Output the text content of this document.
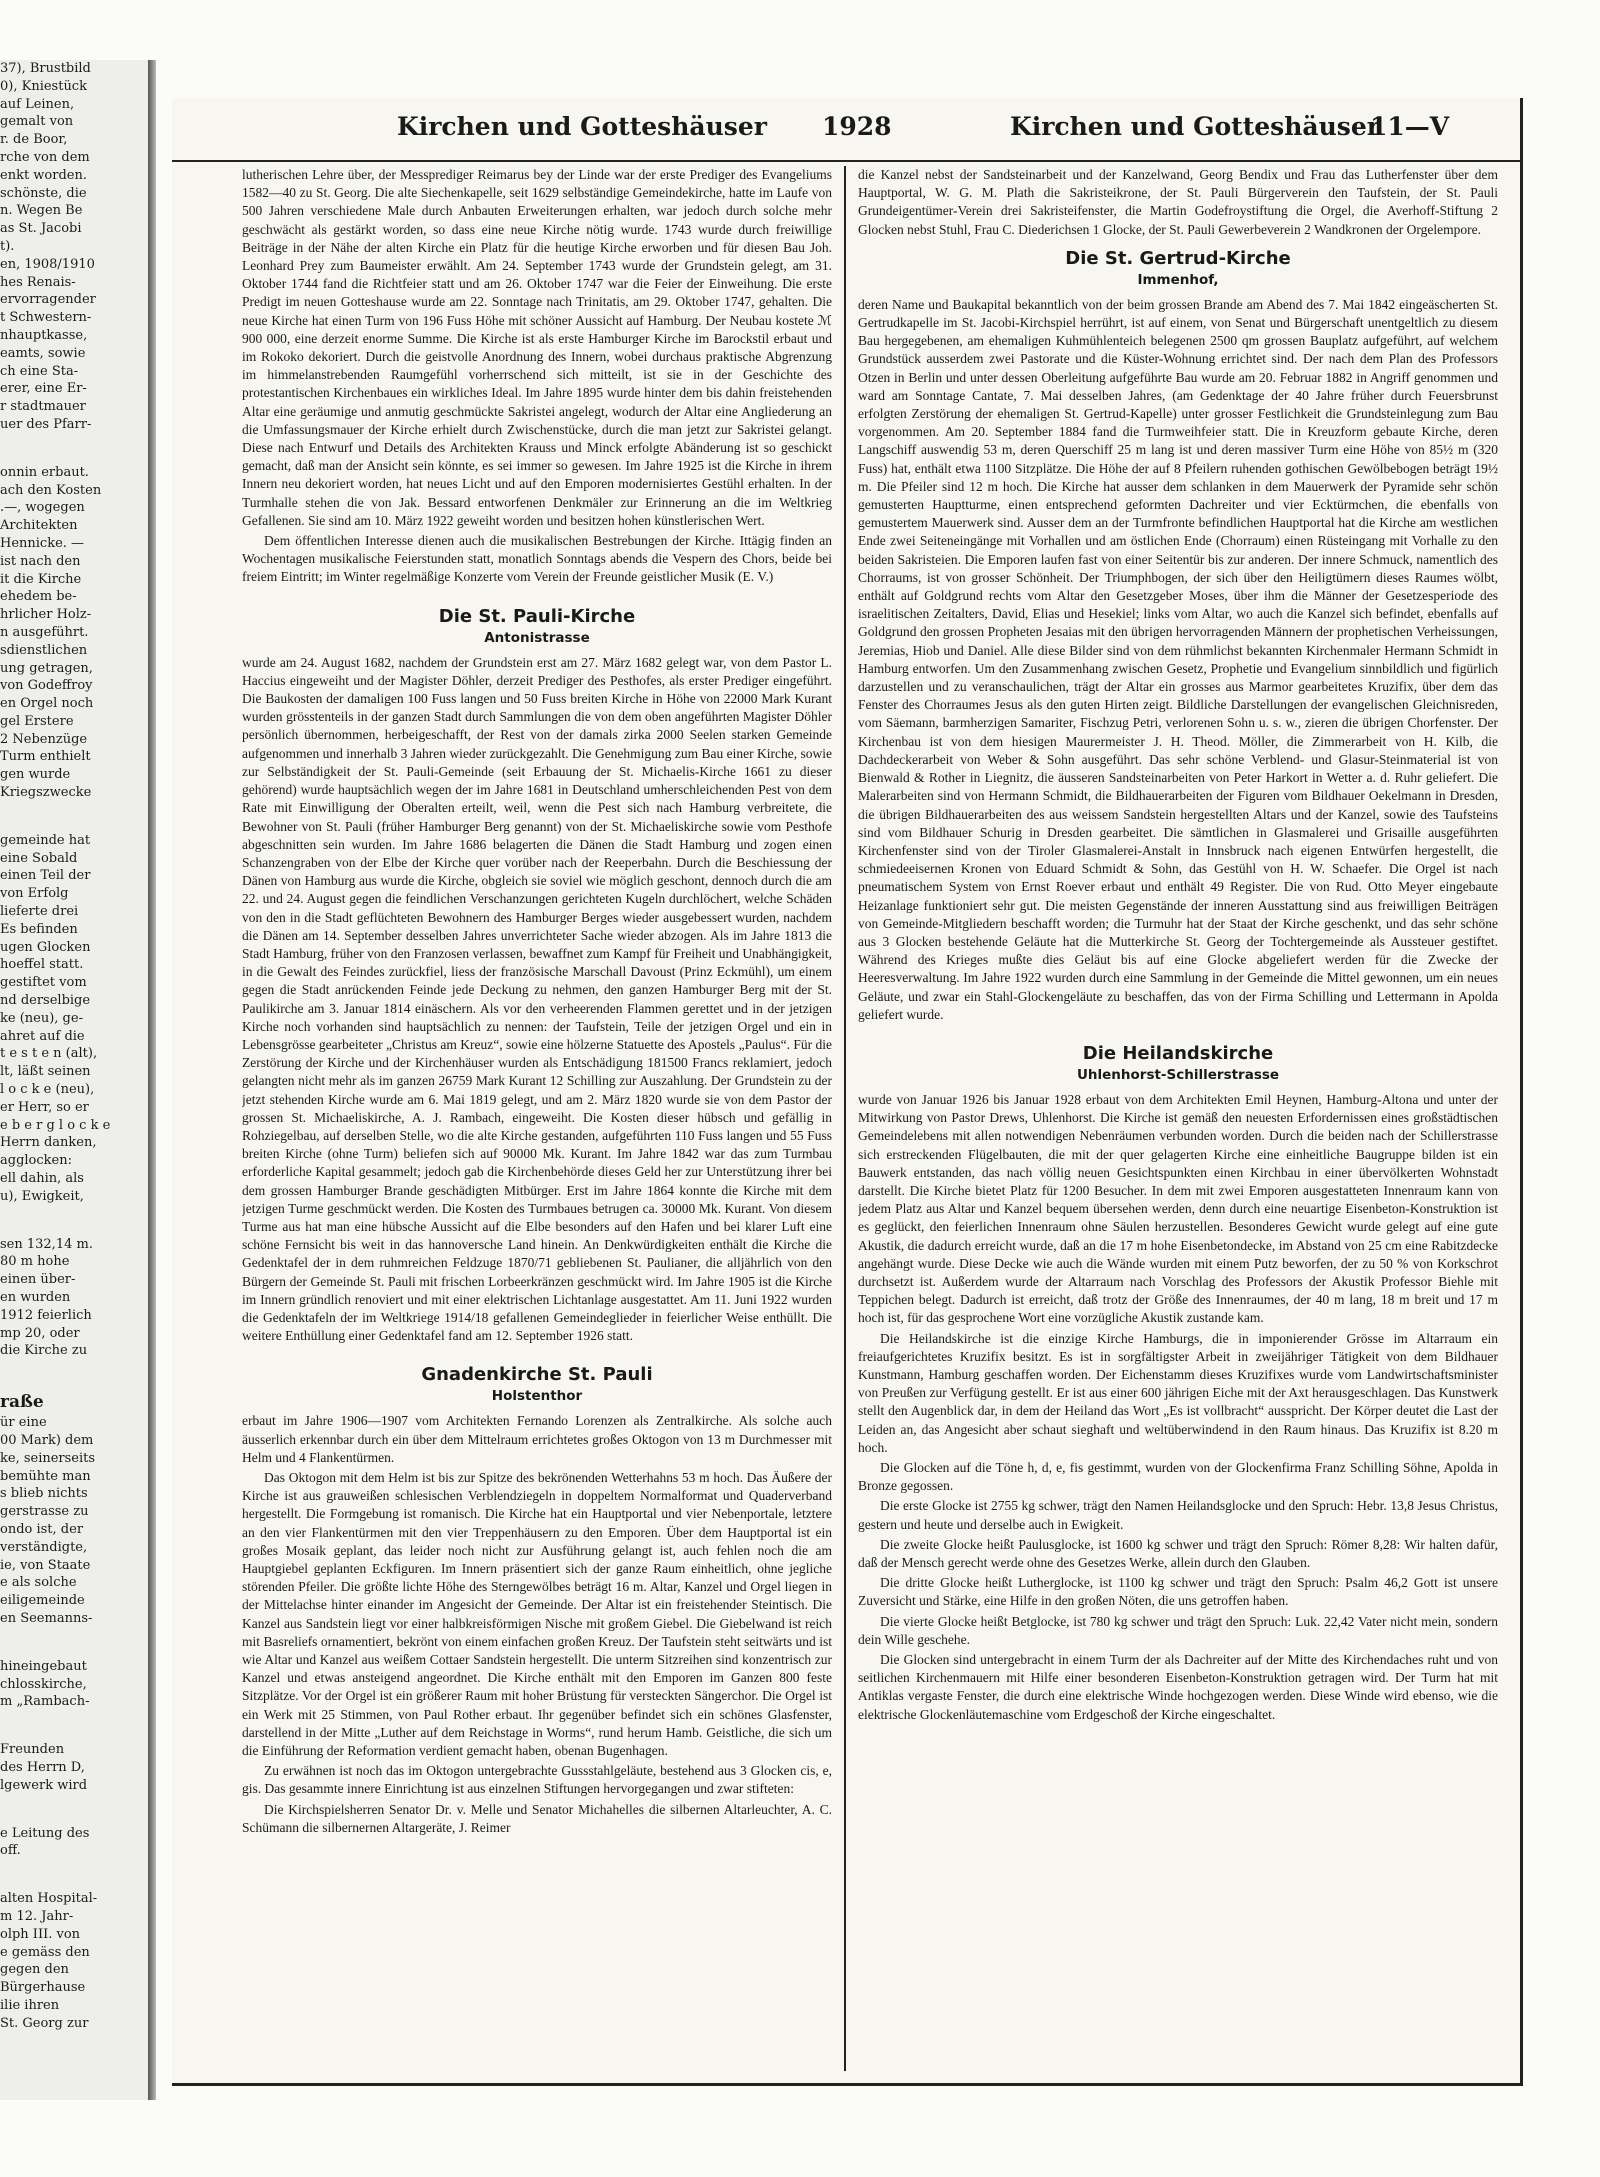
37), Brustbild
0), Kniestück
auf Leinen,
gemalt von
r. de Boor,
rche von dem
enkt worden.
schönste, die
n. Wegen Be
as St. Jacobi
t).
en, 1908/1910
hes Renais-
ervorragender
t Schwestern-
nhauptkasse,
eamts, sowie
ch eine Sta-
erer, eine Er-
r stadtmauer
uer des Pfarr-
onnin erbaut.
ach den Kosten
.—, wogegen
Architekten
Hennicke. —
ist nach den
it die Kirche
ehedem be-
hrlicher Holz-
n ausgeführt.
sdienstlichen
ung getragen,
von Godeffroy
en Orgel noch
gel Erstere
2 Nebenzüge
Turm enthielt
gen wurde
Kriegszwecke
gemeinde hat
eine Sobald
einen Teil der
von Erfolg
lieferte drei
Es befinden
ugen Glocken
hoeffel statt.
gestiftet vom
nd derselbige
ke (neu), ge-
ahret auf die
t e s t e n (alt),
lt, läßt seinen
l o c k e (neu),
er Herr, so er
e b e r g l o c k e
Herrn danken,
agglocken:
ell dahin, als
u), Ewigkeit,
sen 132,14 m.
80 m hohe
einen über-
en wurden
1912 feierlich
mp 20, oder
die Kirche zu
raße
ür eine
00 Mark) dem
ke, seinerseits
bemühte man
s blieb nichts
gerstrasse zu
ondo ist, der
verständigte,
ie, von Staate
e als solche
eiligemeinde
en Seemanns-
hineingebaut
chlosskirche,
m „Rambach-
Freunden
des Herrn D,
lgewerk wird
e Leitung des
off.
alten Hospital-
m 12. Jahr-
olph III. von
e gemäss den
gegen den
Bürgerhause
ilie ihren
St. Georg zur
Kirchen und Gotteshäuser 1928	Kirchen und Gotteshäuser
11—V

lutherischen Lehre über, der Messprediger Reimarus bey der Linde war der erste Prediger des Evangeliums 1582—40 zu St. Georg. Die alte Siechenkapelle, seit 1629 selbständige Gemeindekirche, hatte im Laufe von 500 Jahren verschiedene Male durch Anbauten Erweiterungen erhalten, war jedoch durch solche mehr geschwächt als gestärkt worden, so dass eine neue Kirche nötig wurde. 1743 wurde durch freiwillige Beiträge in der Nähe der alten Kirche ein Platz für die heutige Kirche erworben und für diesen Bau Joh. Leonhard Prey zum Baumeister erwählt. Am 24. September 1743 wurde der Grundstein gelegt, am 31. Oktober 1744 fand die Richtfeier statt und am 26. Oktober 1747 war die Feier der Einweihung. Die erste Predigt im neuen Gotteshause wurde am 22. Sonntage nach Trinitatis, am 29. Oktober 1747, gehalten. Die neue Kirche hat einen Turm von 196 Fuss Höhe mit schöner Aussicht auf Hamburg. Der Neubau kostete ℳ 900 000, eine derzeit enorme Summe. Die Kirche ist als erste Hamburger Kirche im Barockstil erbaut und im Rokoko dekoriert. Durch die geistvolle Anordnung des Innern, wobei durchaus praktische Abgrenzung im himmelanstrebenden Raumgefühl vorherrschend sich mitteilt, ist sie in der Geschichte des protestantischen Kirchenbaues ein wirkliches Ideal. Im Jahre 1895 wurde hinter dem bis dahin freistehenden Altar eine geräumige und anmutig geschmückte Sakristei angelegt, wodurch der Altar eine Angliederung an die Umfassungsmauer der Kirche erhielt durch Zwischenstücke, durch die man jetzt zur Sakristei gelangt. Diese nach Entwurf und Details des Architekten Krauss und Minck erfolgte Abänderung ist so geschickt gemacht, daß man der Ansicht sein könnte, es sei immer so gewesen. Im Jahre 1925 ist die Kirche in ihrem Innern neu dekoriert worden, hat neues Licht und auf den Emporen modernisiertes Gestühl erhalten. In der Turmhalle stehen die von Jak. Bessard entworfenen Denkmäler zur Erinnerung an die im Weltkrieg Gefallenen. Sie sind am 10. März 1922 geweiht worden und besitzen hohen künstlerischen Wert.

Dem öffentlichen Interesse dienen auch die musikalischen Bestrebungen der Kirche. Ittägig finden an Wochentagen musikalische Feierstunden statt, monatlich Sonntags abends die Vespern des Chors, beide bei freiem Eintritt; im Winter regelmäßige Konzerte vom Verein der Freunde geistlicher Musik (E. V.)

Die St. Pauli-Kirche
Antonistrasse

wurde am 24. August 1682, nachdem der Grundstein erst am 27. März 1682 gelegt war, von dem Pastor L. Haccius eingeweiht und der Magister Döhler, derzeit Prediger des Pesthofes, als erster Prediger eingeführt. Die Baukosten der damaligen 100 Fuss langen und 50 Fuss breiten Kirche in Höhe von 22000 Mark Kurant wurden grösstenteils in der ganzen Stadt durch Sammlungen die von dem oben angeführten Magister Döhler persönlich übernommen, herbeigeschafft, der Rest von der damals zirka 2000 Seelen starken Gemeinde aufgenommen und innerhalb 3 Jahren wieder zurückgezahlt. Die Genehmigung zum Bau einer Kirche, sowie zur Selbständigkeit der St. Pauli-Gemeinde (seit Erbauung der St. Michaelis-Kirche 1661 zu dieser gehörend) wurde hauptsächlich wegen der im Jahre 1681 in Deutschland umherschleichenden Pest von dem Rate mit Einwilligung der Oberalten erteilt, weil, wenn die Pest sich nach Hamburg verbreitete, die Bewohner von St. Pauli (früher Hamburger Berg genannt) von der St. Michaeliskirche sowie vom Pesthofe abgeschnitten sein wurden. Im Jahre 1686 belagerten die Dänen die Stadt Hamburg und zogen einen Schanzengraben von der Elbe der Kirche quer vorüber nach der Reeperbahn. Durch die Beschiessung der Dänen von Hamburg aus wurde die Kirche, obgleich sie soviel wie möglich geschont, dennoch durch die am 22. und 24. August gegen die feindlichen Verschanzungen gerichteten Kugeln durchlöchert, welche Schäden von den in die Stadt geflüchteten Bewohnern des Hamburger Berges wieder ausgebessert wurden, nachdem die Dänen am 14. September desselben Jahres unverrichteter Sache wieder abzogen. Als im Jahre 1813 die Stadt Hamburg, früher von den Franzosen verlassen, bewaffnet zum Kampf für Freiheit und Unabhängigkeit, in die Gewalt des Feindes zurückfiel, liess der französische Marschall Davoust (Prinz Eckmühl), um einem gegen die Stadt anrückenden Feinde jede Deckung zu nehmen, den ganzen Hamburger Berg mit der St. Paulikirche am 3. Januar 1814 einäschern. Als vor den verheerenden Flammen gerettet und in der jetzigen Kirche noch vorhanden sind hauptsächlich zu nennen: der Taufstein, Teile der jetzigen Orgel und ein in Lebensgrösse gearbeiteter „Christus am Kreuz“, sowie eine hölzerne Statuette des Apostels „Paulus“. Für die Zerstörung der Kirche und der Kirchenhäuser wurden als Entschädigung 181500 Francs reklamiert, jedoch gelangten nicht mehr als im ganzen 26759 Mark Kurant 12 Schilling zur Auszahlung. Der Grundstein zu der jetzt stehenden Kirche wurde am 6. Mai 1819 gelegt, und am 2. März 1820 wurde sie von dem Pastor der grossen St. Michaeliskirche, A. J. Rambach, eingeweiht. Die Kosten dieser hübsch und gefällig in Rohziegelbau, auf derselben Stelle, wo die alte Kirche gestanden, aufgeführten 110 Fuss langen und 55 Fuss breiten Kirche (ohne Turm) beliefen sich auf 90000 Mk. Kurant. Im Jahre 1842 war das zum Turmbau erforderliche Kapital gesammelt; jedoch gab die Kirchenbehörde dieses Geld her zur Unterstützung ihrer bei dem grossen Hamburger Brande geschädigten Mitbürger. Erst im Jahre 1864 konnte die Kirche mit dem jetzigen Turme geschmückt werden. Die Kosten des Turmbaues betrugen ca. 30000 Mk. Kurant. Von diesem Turme aus hat man eine hübsche Aussicht auf die Elbe besonders auf den Hafen und bei klarer Luft eine schöne Fernsicht bis weit in das hannoversche Land hinein. An Denkwürdigkeiten enthält die Kirche die Gedenktafel der in dem ruhmreichen Feldzuge 1870/71 gebliebenen St. Paulianer, die alljährlich von den Bürgern der Gemeinde St. Pauli mit frischen Lorbeerkränzen geschmückt wird. Im Jahre 1905 ist die Kirche im Innern gründlich renoviert und mit einer elektrischen Lichtanlage ausgestattet. Am 11. Juni 1922 wurden die Gedenktafeln der im Weltkriege 1914/18 gefallenen Gemeindeglieder in feierlicher Weise enthüllt. Die weitere Enthüllung einer Gedenktafel fand am 12. September 1926 statt.

Gnadenkirche St. Pauli
Holstenthor

erbaut im Jahre 1906—1907 vom Architekten Fernando Lorenzen als Zentralkirche. Als solche auch äusserlich erkennbar durch ein über dem Mittelraum errichtetes großes Oktogon von 13 m Durchmesser mit Helm und 4 Flankentürmen.

Das Oktogon mit dem Helm ist bis zur Spitze des bekrönenden Wetterhahns 53 m hoch. Das Äußere der Kirche ist aus grauweißen schlesischen Verblendziegeln in doppeltem Normalformat und Quaderverband hergestellt. Die Formgebung ist romanisch. Die Kirche hat ein Hauptportal und vier Nebenportale, letztere an den vier Flankentürmen mit den vier Treppenhäusern zu den Emporen. Über dem Hauptportal ist ein großes Mosaik geplant, das leider noch nicht zur Ausführung gelangt ist, auch fehlen noch die am Hauptgiebel geplanten Eckfiguren. Im Innern präsentiert sich der ganze Raum einheitlich, ohne jegliche störenden Pfeiler. Die größte lichte Höhe des Sterngewölbes beträgt 16 m. Altar, Kanzel und Orgel liegen in der Mittelachse hinter einander im Angesicht der Gemeinde. Der Altar ist ein freistehender Steintisch. Die Kanzel aus Sandstein liegt vor einer halbkreisförmigen Nische mit großem Giebel. Die Giebelwand ist reich mit Basreliefs ornamentiert, bekrönt von einem einfachen großen Kreuz. Der Taufstein steht seitwärts und ist wie Altar und Kanzel aus weißem Cottaer Sandstein hergestellt. Die unterm Sitzreihen sind konzentrisch zur Kanzel und etwas ansteigend angeordnet. Die Kirche enthält mit den Emporen im Ganzen 800 feste Sitzplätze. Vor der Orgel ist ein größerer Raum mit hoher Brüstung für versteckten Sängerchor. Die Orgel ist ein Werk mit 25 Stimmen, von Paul Rother erbaut. Ihr gegenüber befindet sich ein schönes Glasfenster, darstellend in der Mitte „Luther auf dem Reichstage in Worms“, rund herum Hamb. Geistliche, die sich um die Einführung der Reformation verdient gemacht haben, obenan Bugenhagen.

Zu erwähnen ist noch das im Oktogon untergebrachte Gussstahlgeläute, bestehend aus 3 Glocken cis, e, gis. Das gesammte innere Einrichtung ist aus einzelnen Stiftungen hervorgegangen und zwar stifteten:

Die Kirchspielsherren Senator Dr. v. Melle und Senator Michahelles die silbernen Altarleuchter, A. C. Schümann die silbernernen Altargeräte, J. Reimer

die Kanzel nebst der Sandsteinarbeit und der Kanzelwand, Georg Bendix und Frau das Lutherfenster über dem Hauptportal, W. G. M. Plath die Sakristeikrone, der St. Pauli Bürgerverein den Taufstein, der St. Pauli Grundeigentümer-Verein drei Sakristeifenster, die Martin Godefroystiftung die Orgel, die Averhoff-Stiftung 2 Glocken nebst Stuhl, Frau C. Diederichsen 1 Glocke, der St. Pauli Gewerbeverein 2 Wandkronen der Orgelempore.

Die St. Gertrud-Kirche
Immenhof,

deren Name und Baukapital bekanntlich von der beim grossen Brande am Abend des 7. Mai 1842 eingeäscherten St. Gertrudkapelle im St. Jacobi-Kirchspiel herrührt, ist auf einem, von Senat und Bürgerschaft unentgeltlich zu diesem Bau hergegebenen, am ehemaligen Kuhmühlenteich belegenen 2500 qm grossen Bauplatz aufgeführt, auf welchem Grundstück ausserdem zwei Pastorate und die Küster-Wohnung errichtet sind. Der nach dem Plan des Professors Otzen in Berlin und unter dessen Oberleitung aufgeführte Bau wurde am 20. Februar 1882 in Angriff genommen und ward am Sonntage Cantate, 7. Mai desselben Jahres, (am Gedenktage der 40 Jahre früher durch Feuersbrunst erfolgten Zerstörung der ehemaligen St. Gertrud-Kapelle) unter grosser Festlichkeit die Grundsteinlegung zum Bau vorgenommen. Am 20. September 1884 fand die Turmweihfeier statt. Die in Kreuzform gebaute Kirche, deren Langschiff auswendig 53 m, deren Querschiff 25 m lang ist und deren massiver Turm eine Höhe von 85½ m (320 Fuss) hat, enthält etwa 1100 Sitzplätze. Die Höhe der auf 8 Pfeilern ruhenden gothischen Gewölbebogen beträgt 19½ m. Die Pfeiler sind 12 m hoch. Die Kirche hat ausser dem schlanken in dem Mauerwerk der Pyramide sehr schön gemusterten Hauptturme, einen entsprechend geformten Dachreiter und vier Ecktürmchen, die ebenfalls von gemustertem Mauerwerk sind. Ausser dem an der Turmfronte befindlichen Hauptportal hat die Kirche am westlichen Ende zwei Seiteneingänge mit Vorhallen und am östlichen Ende (Chorraum) einen Rüsteingang mit Vorhalle zu den beiden Sakristeien. Die Emporen laufen fast von einer Seitentür bis zur anderen. Der innere Schmuck, namentlich des Chorraums, ist von grosser Schönheit. Der Triumphbogen, der sich über den Heiligtümern dieses Raumes wölbt, enthält auf Goldgrund rechts vom Altar den Gesetzgeber Moses, über ihm die Männer der Gesetzesperiode des israelitischen Zeitalters, David, Elias und Hesekiel; links vom Altar, wo auch die Kanzel sich befindet, ebenfalls auf Goldgrund den grossen Propheten Jesaias mit den übrigen hervorragenden Männern der prophetischen Verheissungen, Jeremias, Hiob und Daniel. Alle diese Bilder sind von dem rühmlichst bekannten Kirchenmaler Hermann Schmidt in Hamburg entworfen. Um den Zusammenhang zwischen Gesetz, Prophetie und Evangelium sinnbildlich und figürlich darzustellen und zu veranschaulichen, trägt der Altar ein grosses aus Marmor gearbeitetes Kruzifix, über dem das Fenster des Chorraumes Jesus als den guten Hirten zeigt. Bildliche Darstellungen der evangelischen Gleichnisreden, vom Säemann, barmherzigen Samariter, Fischzug Petri, verlorenen Sohn u. s. w., zieren die übrigen Chorfenster. Der Kirchenbau ist von dem hiesigen Maurermeister J. H. Theod. Möller, die Zimmerarbeit von H. Kilb, die Dachdeckerarbeit von Weber & Sohn ausgeführt. Das sehr schöne Verblend- und Glasur-Steinmaterial ist von Bienwald & Rother in Liegnitz, die äusseren Sandsteinarbeiten von Peter Harkort in Wetter a. d. Ruhr geliefert. Die Malerarbeiten sind von Hermann Schmidt, die Bildhauerarbeiten der Figuren vom Bildhauer Oekelmann in Dresden, die übrigen Bildhauerarbeiten des aus weissem Sandstein hergestellten Altars und der Kanzel, sowie des Taufsteins sind vom Bildhauer Schurig in Dresden gearbeitet. Die sämtlichen in Glasmalerei und Grisaille ausgeführten Kirchenfenster sind von der Tiroler Glasmalerei-Anstalt in Innsbruck nach eigenen Entwürfen hergestellt, die schmiedeeisernen Kronen von Eduard Schmidt & Sohn, das Gestühl von H. W. Schaefer. Die Orgel ist nach pneumatischem System von Ernst Roever erbaut und enthält 49 Register. Die von Rud. Otto Meyer eingebaute Heizanlage funktioniert sehr gut. Die meisten Gegenstände der inneren Ausstattung sind aus freiwilligen Beiträgen von Gemeinde-Mitgliedern beschafft worden; die Turmuhr hat der Staat der Kirche geschenkt, und das sehr schöne aus 3 Glocken bestehende Geläute hat die Mutterkirche St. Georg der Tochtergemeinde als Aussteuer gestiftet. Während des Krieges mußte dies Geläut bis auf eine Glocke abgeliefert werden für die Zwecke der Heeresverwaltung. Im Jahre 1922 wurden durch eine Sammlung in der Gemeinde die Mittel gewonnen, um ein neues Geläute, und zwar ein Stahl-Glockengeläute zu beschaffen, das von der Firma Schilling und Lettermann in Apolda geliefert wurde.

Die Heilandskirche
Uhlenhorst-Schillerstrasse

wurde von Januar 1926 bis Januar 1928 erbaut von dem Architekten Emil Heynen, Hamburg-Altona und unter der Mitwirkung von Pastor Drews, Uhlenhorst. Die Kirche ist gemäß den neuesten Erfordernissen eines großstädtischen Gemeindelebens mit allen notwendigen Nebenräumen verbunden worden. Durch die beiden nach der Schillerstrasse sich erstreckenden Flügelbauten, die mit der quer gelagerten Kirche eine einheitliche Baugruppe bilden ist ein Bauwerk entstanden, das nach völlig neuen Gesichtspunkten einen Kirchbau in einer übervölkerten Wohnstadt darstellt. Die Kirche bietet Platz für 1200 Besucher. In dem mit zwei Emporen ausgestatteten Innenraum kann von jedem Platz aus Altar und Kanzel bequem übersehen werden, denn durch eine neuartige Eisenbeton-Konstruktion ist es geglückt, den feierlichen Innenraum ohne Säulen herzustellen. Besonderes Gewicht wurde gelegt auf eine gute Akustik, die dadurch erreicht wurde, daß an die 17 m hohe Eisenbetondecke, im Abstand von 25 cm eine Rabitzdecke angehängt wurde. Diese Decke wie auch die Wände wurden mit einem Putz beworfen, der zu 50 % von Korkschrot durchsetzt ist. Außerdem wurde der Altarraum nach Vorschlag des Professors der Akustik Professor Biehle mit Teppichen belegt. Dadurch ist erreicht, daß trotz der Größe des Innenraumes, der 40 m lang, 18 m breit und 17 m hoch ist, für das gesprochene Wort eine vorzügliche Akustik zustande kam.

Die Heilandskirche ist die einzige Kirche Hamburgs, die in imponierender Grösse im Altarraum ein freiaufgerichtetes Kruzifix besitzt. Es ist in sorgfältigster Arbeit in zweijähriger Tätigkeit von dem Bildhauer Kunstmann, Hamburg geschaffen worden. Der Eichenstamm dieses Kruzifixes wurde vom Landwirtschaftsminister von Preußen zur Verfügung gestellt. Er ist aus einer 600 jährigen Eiche mit der Axt herausgeschlagen. Das Kunstwerk stellt den Augenblick dar, in dem der Heiland das Wort „Es ist vollbracht“ ausspricht. Der Körper deutet die Last der Leiden an, das Angesicht aber schaut sieghaft und weltüberwindend in den Raum hinaus. Das Kruzifix ist 8.20 m hoch.

Die Glocken auf die Töne h, d, e, fis gestimmt, wurden von der Glockenfirma Franz Schilling Söhne, Apolda in Bronze gegossen.

Die erste Glocke ist 2755 kg schwer, trägt den Namen Heilandsglocke und den Spruch: Hebr. 13,8 Jesus Christus, gestern und heute und derselbe auch in Ewigkeit.

Die zweite Glocke heißt Paulusglocke, ist 1600 kg schwer und trägt den Spruch: Römer 8,28: Wir halten dafür, daß der Mensch gerecht werde ohne des Gesetzes Werke, allein durch den Glauben.

Die dritte Glocke heißt Lutherglocke, ist 1100 kg schwer und trägt den Spruch: Psalm 46,2 Gott ist unsere Zuversicht und Stärke, eine Hilfe in den großen Nöten, die uns getroffen haben.

Die vierte Glocke heißt Betglocke, ist 780 kg schwer und trägt den Spruch: Luk. 22,42 Vater nicht mein, sondern dein Wille geschehe.

Die Glocken sind untergebracht in einem Turm der als Dachreiter auf der Mitte des Kirchendaches ruht und von seitlichen Kirchenmauern mit Hilfe einer besonderen Eisenbeton-Konstruktion getragen wird. Der Turm hat mit Antiklas vergaste Fenster, die durch eine elektrische Winde hochgezogen werden. Diese Winde wird ebenso, wie die elektrische Glockenläutemaschine vom Erdgeschoß der Kirche eingeschaltet.
